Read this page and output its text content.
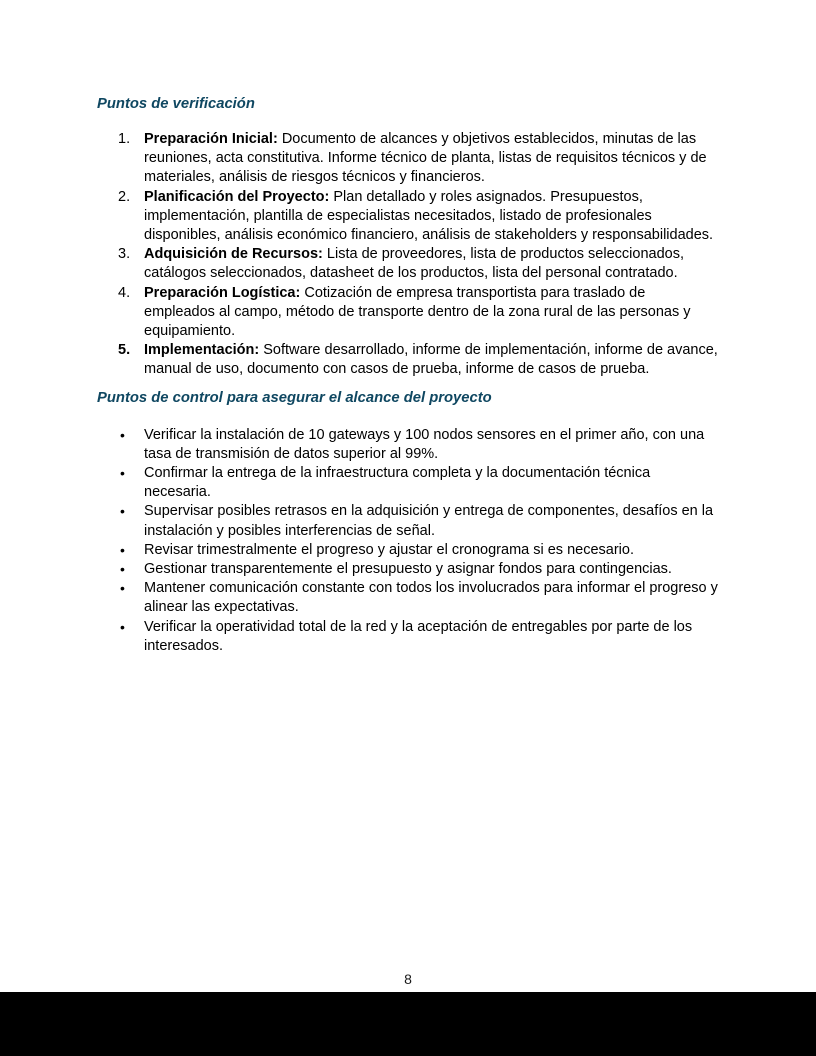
Puntos de verificación
1. Preparación Inicial: Documento de alcances y objetivos establecidos, minutas de las reuniones, acta constitutiva. Informe técnico de planta, listas de requisitos técnicos y de materiales, análisis de riesgos técnicos y financieros.
2. Planificación del Proyecto: Plan detallado y roles asignados. Presupuestos, implementación, plantilla de especialistas necesitados, listado de profesionales disponibles, análisis económico financiero, análisis de stakeholders y responsabilidades.
3. Adquisición de Recursos: Lista de proveedores, lista de productos seleccionados, catálogos seleccionados, datasheet de los productos, lista del personal contratado.
4. Preparación Logística: Cotización de empresa transportista para traslado de empleados al campo, método de transporte dentro de la zona rural de las personas y equipamiento.
5. Implementación: Software desarrollado, informe de implementación, informe de avance, manual de uso, documento con casos de prueba, informe de casos de prueba.
Puntos de control para asegurar el alcance del proyecto
• Verificar la instalación de 10 gateways y 100 nodos sensores en el primer año, con una tasa de transmisión de datos superior al 99%.
• Confirmar la entrega de la infraestructura completa y la documentación técnica necesaria.
• Supervisar posibles retrasos en la adquisición y entrega de componentes, desafíos en la instalación y posibles interferencias de señal.
• Revisar trimestralmente el progreso y ajustar el cronograma si es necesario.
• Gestionar transparentemente el presupuesto y asignar fondos para contingencias.
• Mantener comunicación constante con todos los involucrados para informar el progreso y alinear las expectativas.
• Verificar la operatividad total de la red y la aceptación de entregables por parte de los interesados.
8
